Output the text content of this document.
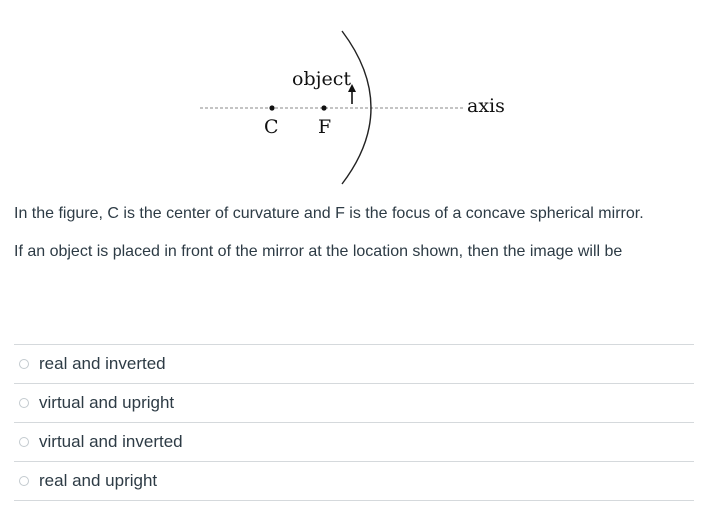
object
C F
axis

In the figure, C is the center of curvature and F is the focus of a concave spherical mirror.

If an object is placed in front of the mirror at the location shown, then the image will be

real and inverted
virtual and upright
virtual and inverted
real and upright
